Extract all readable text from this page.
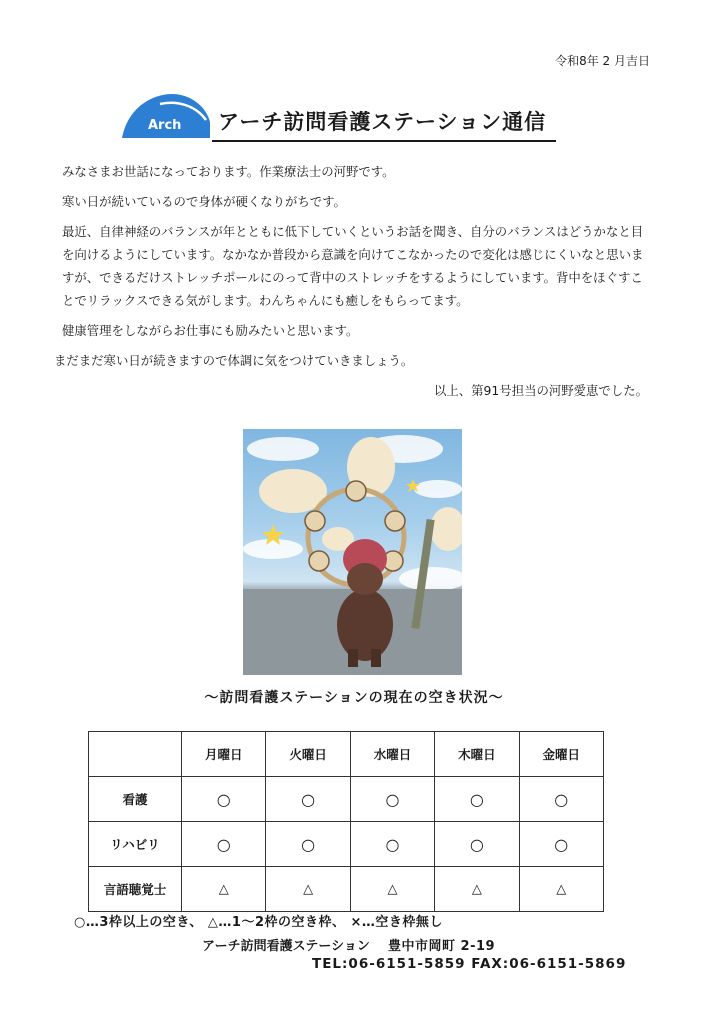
令和8年 2 月吉日
Arch アーチ訪問看護ステーション通信

みなさまお世話になっております。作業療法士の河野です。

寒い日が続いているので身体が硬くなりがちです。

最近、自律神経のバランスが年とともに低下していくというお話を聞き、自分のバランスはどうかなと目を向けるようにしています。なかなか普段から意識を向けてこなかったので変化は感じにくいなと思いますが、できるだけストレッチポールにのって背中のストレッチをするようにしています。背中をほぐすことでリラックスできる気がします。わんちゃんにも癒しをもらってます。

健康管理をしながらお仕事にも励みたいと思います。

まだまだ寒い日が続きますので体調に気をつけていきましょう。

以上、第91号担当の河野愛恵でした。

～訪問看護ステーションの現在の空き状況～
	月曜日	火曜日	水曜日	木曜日	金曜日
看護	○	○	○	○	○
リハビリ	○	○	○	○	○
言語聴覚士	△	△	△	△	△
○…3枠以上の空き、 △…1～2枠の空き枠、 ×…空き枠無し
アーチ訪問看護ステーション 豊中市岡町 2-19
TEL:06-6151-5859 FAX:06-6151-5869
